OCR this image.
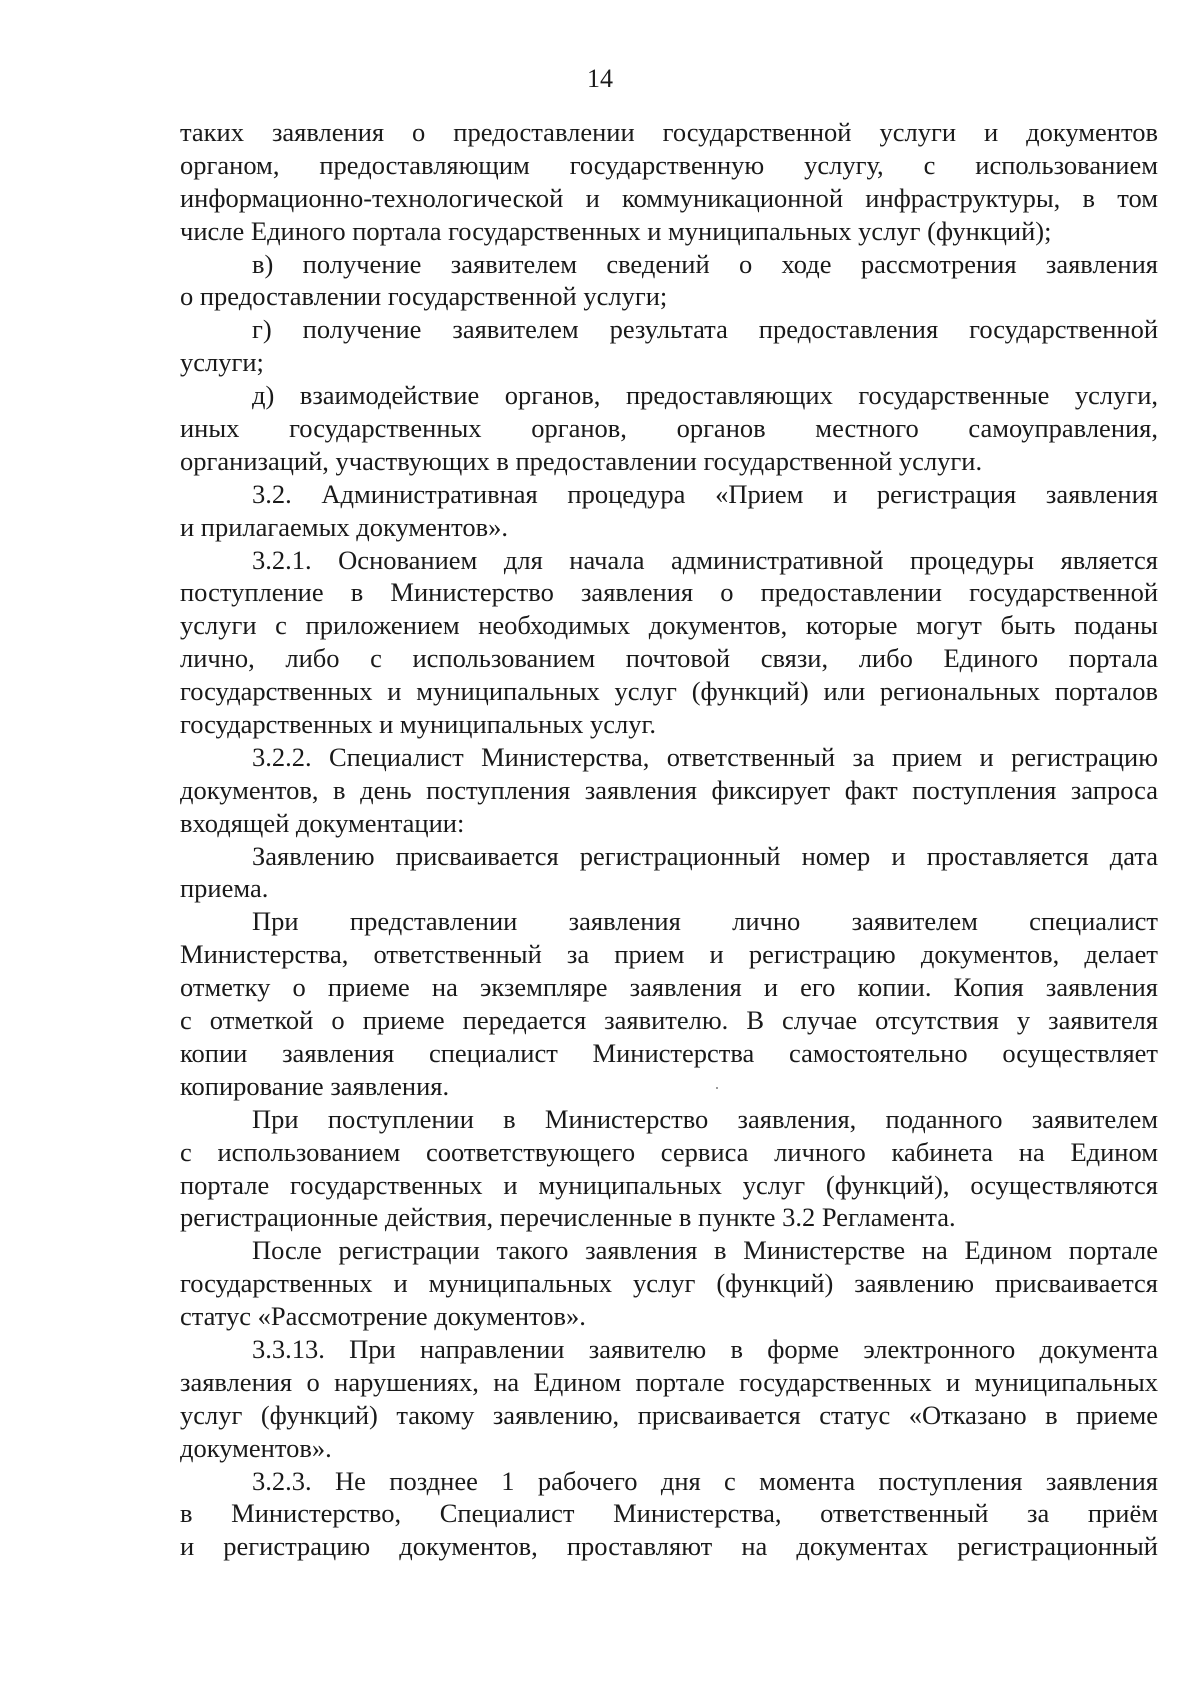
14
таких заявления о предоставлении государственной услуги и документов
органом, предоставляющим государственную услугу, с использованием
информационно-технологической и коммуникационной инфраструктуры, в том
числе Единого портала государственных и муниципальных услуг (функций);
в) получение заявителем сведений о ходе рассмотрения заявления
о предоставлении государственной услуги;
г) получение заявителем результата предоставления государственной
услуги;
д) взаимодействие органов, предоставляющих государственные услуги,
иных государственных органов, органов местного самоуправления,
организаций, участвующих в предоставлении государственной услуги.
3.2. Административная процедура «Прием и регистрация заявления
и прилагаемых документов».
3.2.1. Основанием для начала административной процедуры является
поступление в Министерство заявления о предоставлении государственной
услуги с приложением необходимых документов, которые могут быть поданы
лично, либо с использованием почтовой связи, либо Единого портала
государственных и муниципальных услуг (функций) или региональных порталов
государственных и муниципальных услуг.
3.2.2. Специалист Министерства, ответственный за прием и регистрацию
документов, в день поступления заявления фиксирует факт поступления запроса
входящей документации:
Заявлению присваивается регистрационный номер и проставляется дата
приема.
При представлении заявления лично заявителем специалист
Министерства, ответственный за прием и регистрацию документов, делает
отметку о приеме на экземпляре заявления и его копии. Копия заявления
с отметкой о приеме передается заявителю. В случае отсутствия у заявителя
копии заявления специалист Министерства самостоятельно осуществляет
копирование заявления.
При поступлении в Министерство заявления, поданного заявителем
с использованием соответствующего сервиса личного кабинета на Едином
портале государственных и муниципальных услуг (функций), осуществляются
регистрационные действия, перечисленные в пункте 3.2 Регламента.
После регистрации такого заявления в Министерстве на Едином портале
государственных и муниципальных услуг (функций) заявлению присваивается
статус «Рассмотрение документов».
3.3.13. При направлении заявителю в форме электронного документа
заявления о нарушениях, на Едином портале государственных и муниципальных
услуг (функций) такому заявлению, присваивается статус «Отказано в приеме
документов».
3.2.3. Не позднее 1 рабочего дня с момента поступления заявления
в Министерство, Специалист Министерства, ответственный за приём
и регистрацию документов, проставляют на документах регистрационный
